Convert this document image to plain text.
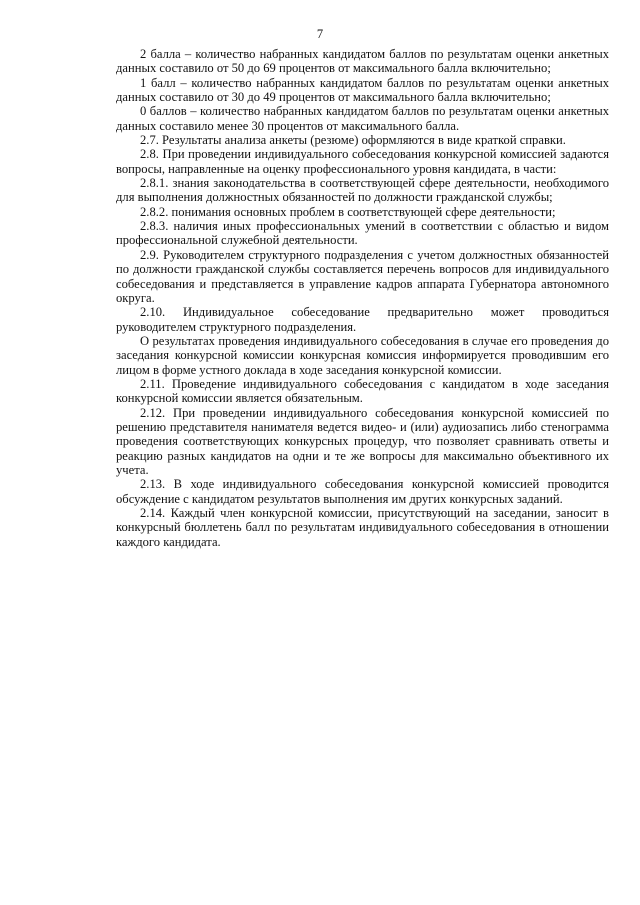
7

2 балла – количество набранных кандидатом баллов по результатам оценки анкетных данных составило от 50 до 69 процентов от максимального балла включительно;

1 балл – количество набранных кандидатом баллов по результатам оценки анкетных данных составило от 30 до 49 процентов от максимального балла включительно;

0 баллов – количество набранных кандидатом баллов по результатам оценки анкетных данных составило менее 30 процентов от максимального балла.

2.7. Результаты анализа анкеты (резюме) оформляются в виде краткой справки.

2.8. При проведении индивидуального собеседования конкурсной комиссией задаются вопросы, направленные на оценку профессионального уровня кандидата, в части:

2.8.1. знания законодательства в соответствующей сфере деятельности, необходимого для выполнения должностных обязанностей по должности гражданской службы;

2.8.2. понимания основных проблем в соответствующей сфере деятельности;

2.8.3. наличия иных профессиональных умений в соответствии с областью и видом профессиональной служебной деятельности.

2.9. Руководителем структурного подразделения с учетом должностных обязанностей по должности гражданской службы составляется перечень вопросов для индивидуального собеседования и представляется в управление кадров аппарата Губернатора автономного округа.

2.10. Индивидуальное собеседование предварительно может проводиться руководителем структурного подразделения.

О результатах проведения индивидуального собеседования в случае его проведения до заседания конкурсной комиссии конкурсная комиссия информируется проводившим его лицом в форме устного доклада в ходе заседания конкурсной комиссии.

2.11. Проведение индивидуального собеседования с кандидатом в ходе заседания конкурсной комиссии является обязательным.

2.12. При проведении индивидуального собеседования конкурсной комиссией по решению представителя нанимателя ведется видео- и (или) аудиозапись либо стенограмма проведения соответствующих конкурсных процедур, что позволяет сравнивать ответы и реакцию разных кандидатов на одни и те же вопросы для максимально объективного их учета.

2.13. В ходе индивидуального собеседования конкурсной комиссией проводится обсуждение с кандидатом результатов выполнения им других конкурсных заданий.

2.14. Каждый член конкурсной комиссии, присутствующий на заседании, заносит в конкурсный бюллетень балл по результатам индивидуального собеседования в отношении каждого кандидата.
